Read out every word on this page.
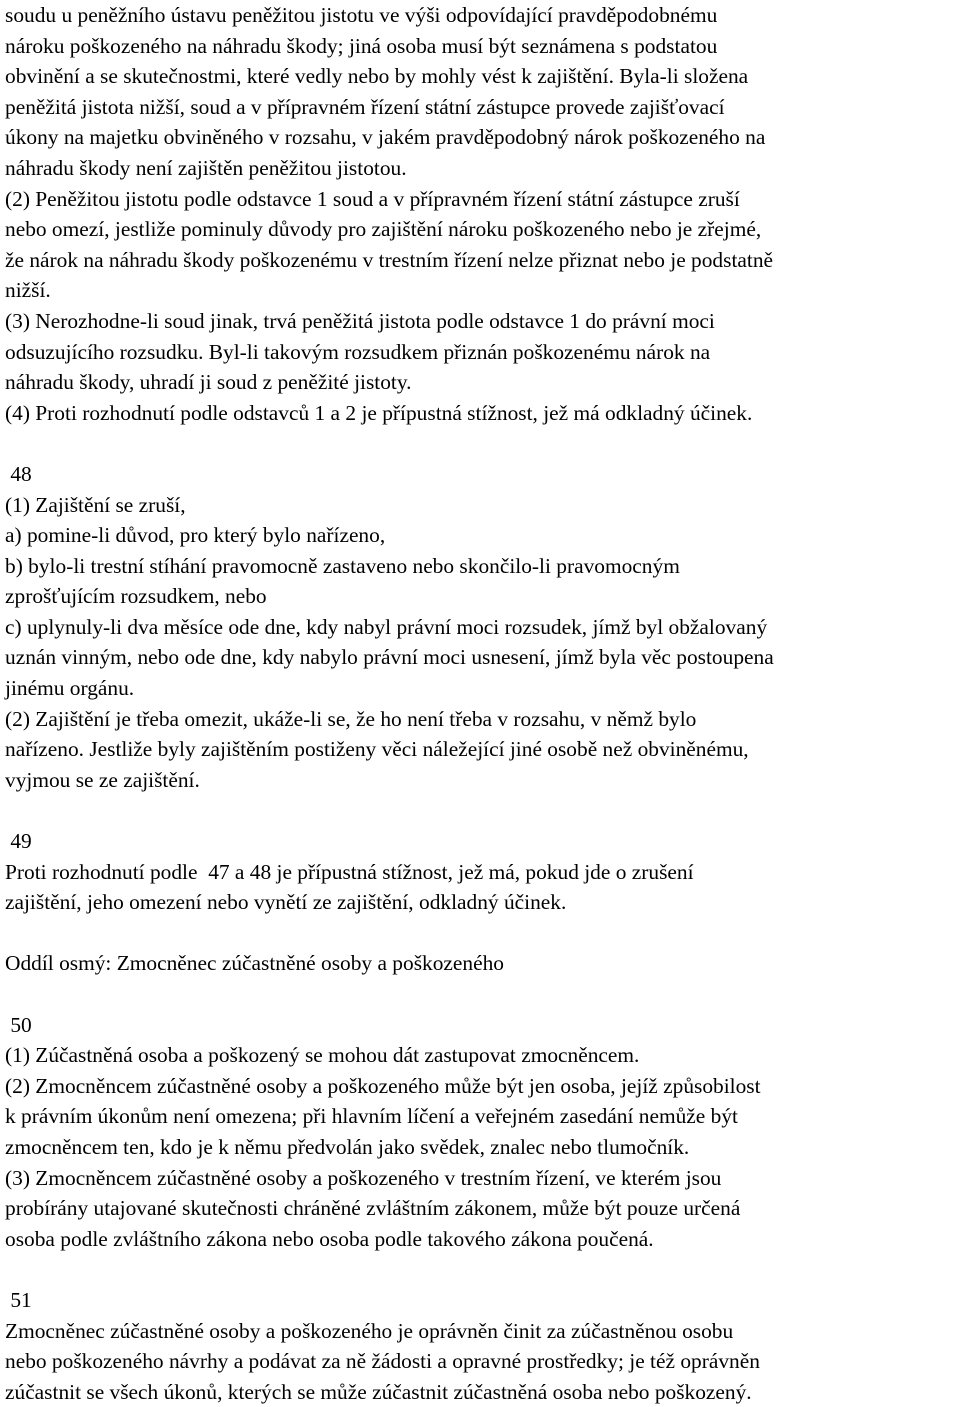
soudu u peněžního ústavu peněžitou jistotu ve výši odpovídající pravděpodobnému
nároku poškozeného na náhradu škody; jiná osoba musí být seznámena s podstatou
obvinění a se skutečnostmi, které vedly nebo by mohly vést k zajištění. Byla-li složena
peněžitá jistota nižší, soud a v přípravném řízení státní zástupce provede zajišťovací
úkony na majetku obviněného v rozsahu, v jakém pravděpodobný nárok poškozeného na
náhradu škody není zajištěn peněžitou jistotou.
(2) Peněžitou jistotu podle odstavce 1 soud a v přípravném řízení státní zástupce zruší
nebo omezí, jestliže pominuly důvody pro zajištění nároku poškozeného nebo je zřejmé,
že nárok na náhradu škody poškozenému v trestním řízení nelze přiznat nebo je podstatně
nižší.
(3) Nerozhodne-li soud jinak, trvá peněžitá jistota podle odstavce 1 do právní moci
odsuzujícího rozsudku. Byl-li takovým rozsudkem přiznán poškozenému nárok na
náhradu škody, uhradí ji soud z peněžité jistoty.
(4) Proti rozhodnutí podle odstavců 1 a 2 je přípustná stížnost, jež má odkladný účinek.
48
(1) Zajištění se zruší,
a) pomine-li důvod, pro který bylo nařízeno,
b) bylo-li trestní stíhání pravomocně zastaveno nebo skončilo-li pravomocným
zprošťujícím rozsudkem, nebo
c) uplynuly-li dva měsíce ode dne, kdy nabyl právní moci rozsudek, jímž byl obžalovaný
uznán vinným, nebo ode dne, kdy nabylo právní moci usnesení, jímž byla věc postoupena
jinému orgánu.
(2) Zajištění je třeba omezit, ukáže-li se, že ho není třeba v rozsahu, v němž bylo
nařízeno. Jestliže byly zajištěním postiženy věci náležející jiné osobě než obviněnému,
vyjmou se ze zajištění.
49
Proti rozhodnutí podle  47 a 48 je přípustná stížnost, jež má, pokud jde o zrušení
zajištění, jeho omezení nebo vynětí ze zajištění, odkladný účinek.
Oddíl osmý: Zmocněnec zúčastněné osoby a poškozeného
50
(1) Zúčastněná osoba a poškozený se mohou dát zastupovat zmocněncem.
(2) Zmocněncem zúčastněné osoby a poškozeného může být jen osoba, jejíž způsobilost
k právním úkonům není omezena; při hlavním líčení a veřejném zasedání nemůže být
zmocněncem ten, kdo je k němu předvolán jako svědek, znalec nebo tlumočník.
(3) Zmocněncem zúčastněné osoby a poškozeného v trestním řízení, ve kterém jsou
probírány utajované skutečnosti chráněné zvláštním zákonem, může být pouze určená
osoba podle zvláštního zákona nebo osoba podle takového zákona poučená.
51
Zmocněnec zúčastněné osoby a poškozeného je oprávněn činit za zúčastněnou osobu
nebo poškozeného návrhy a podávat za ně žádosti a opravné prostředky; je též oprávněn
zúčastnit se všech úkonů, kterých se může zúčastnit zúčastněná osoba nebo poškozený.
